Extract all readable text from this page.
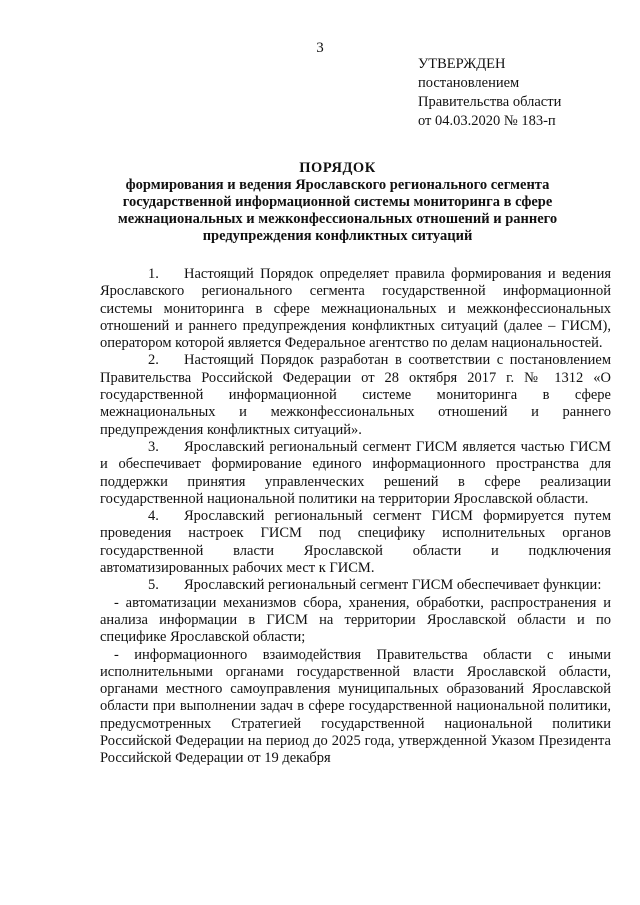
3
УТВЕРЖДЕН
постановлением
Правительства области
от 04.03.2020 № 183-п
ПОРЯДОК
формирования и ведения Ярославского регионального сегмента государственной информационной системы мониторинга в сфере межнациональных и межконфессиональных отношений и раннего предупреждения конфликтных ситуаций

1. Настоящий Порядок определяет правила формирования и ведения Ярославского регионального сегмента государственной информационной системы мониторинга в сфере межнациональных и межконфессиональных отношений и раннего предупреждения конфликтных ситуаций (далее – ГИСМ), оператором которой является Федеральное агентство по делам национальностей.

2. Настоящий Порядок разработан в соответствии с постановлением Правительства Российской Федерации от 28 октября 2017 г. № 1312 «О государственной информационной системе мониторинга в сфере межнациональных и межконфессиональных отношений и раннего предупреждения конфликтных ситуаций».

3. Ярославский региональный сегмент ГИСМ является частью ГИСМ и обеспечивает формирование единого информационного пространства для поддержки принятия управленческих решений в сфере реализации государственной национальной политики на территории Ярославской области.

4. Ярославский региональный сегмент ГИСМ формируется путем проведения настроек ГИСМ под специфику исполнительных органов государственной власти Ярославской области и подключения автоматизированных рабочих мест к ГИСМ.

5. Ярославский региональный сегмент ГИСМ обеспечивает функции:

- автоматизации механизмов сбора, хранения, обработки, распространения и анализа информации в ГИСМ на территории Ярославской области и по специфике Ярославской области;

- информационного взаимодействия Правительства области с иными исполнительными органами государственной власти Ярославской области, органами местного самоуправления муниципальных образований Ярославской области при выполнении задач в сфере государственной национальной политики, предусмотренных Стратегией государственной национальной политики Российской Федерации на период до 2025 года, утвержденной Указом Президента Российской Федерации от 19 декабря
